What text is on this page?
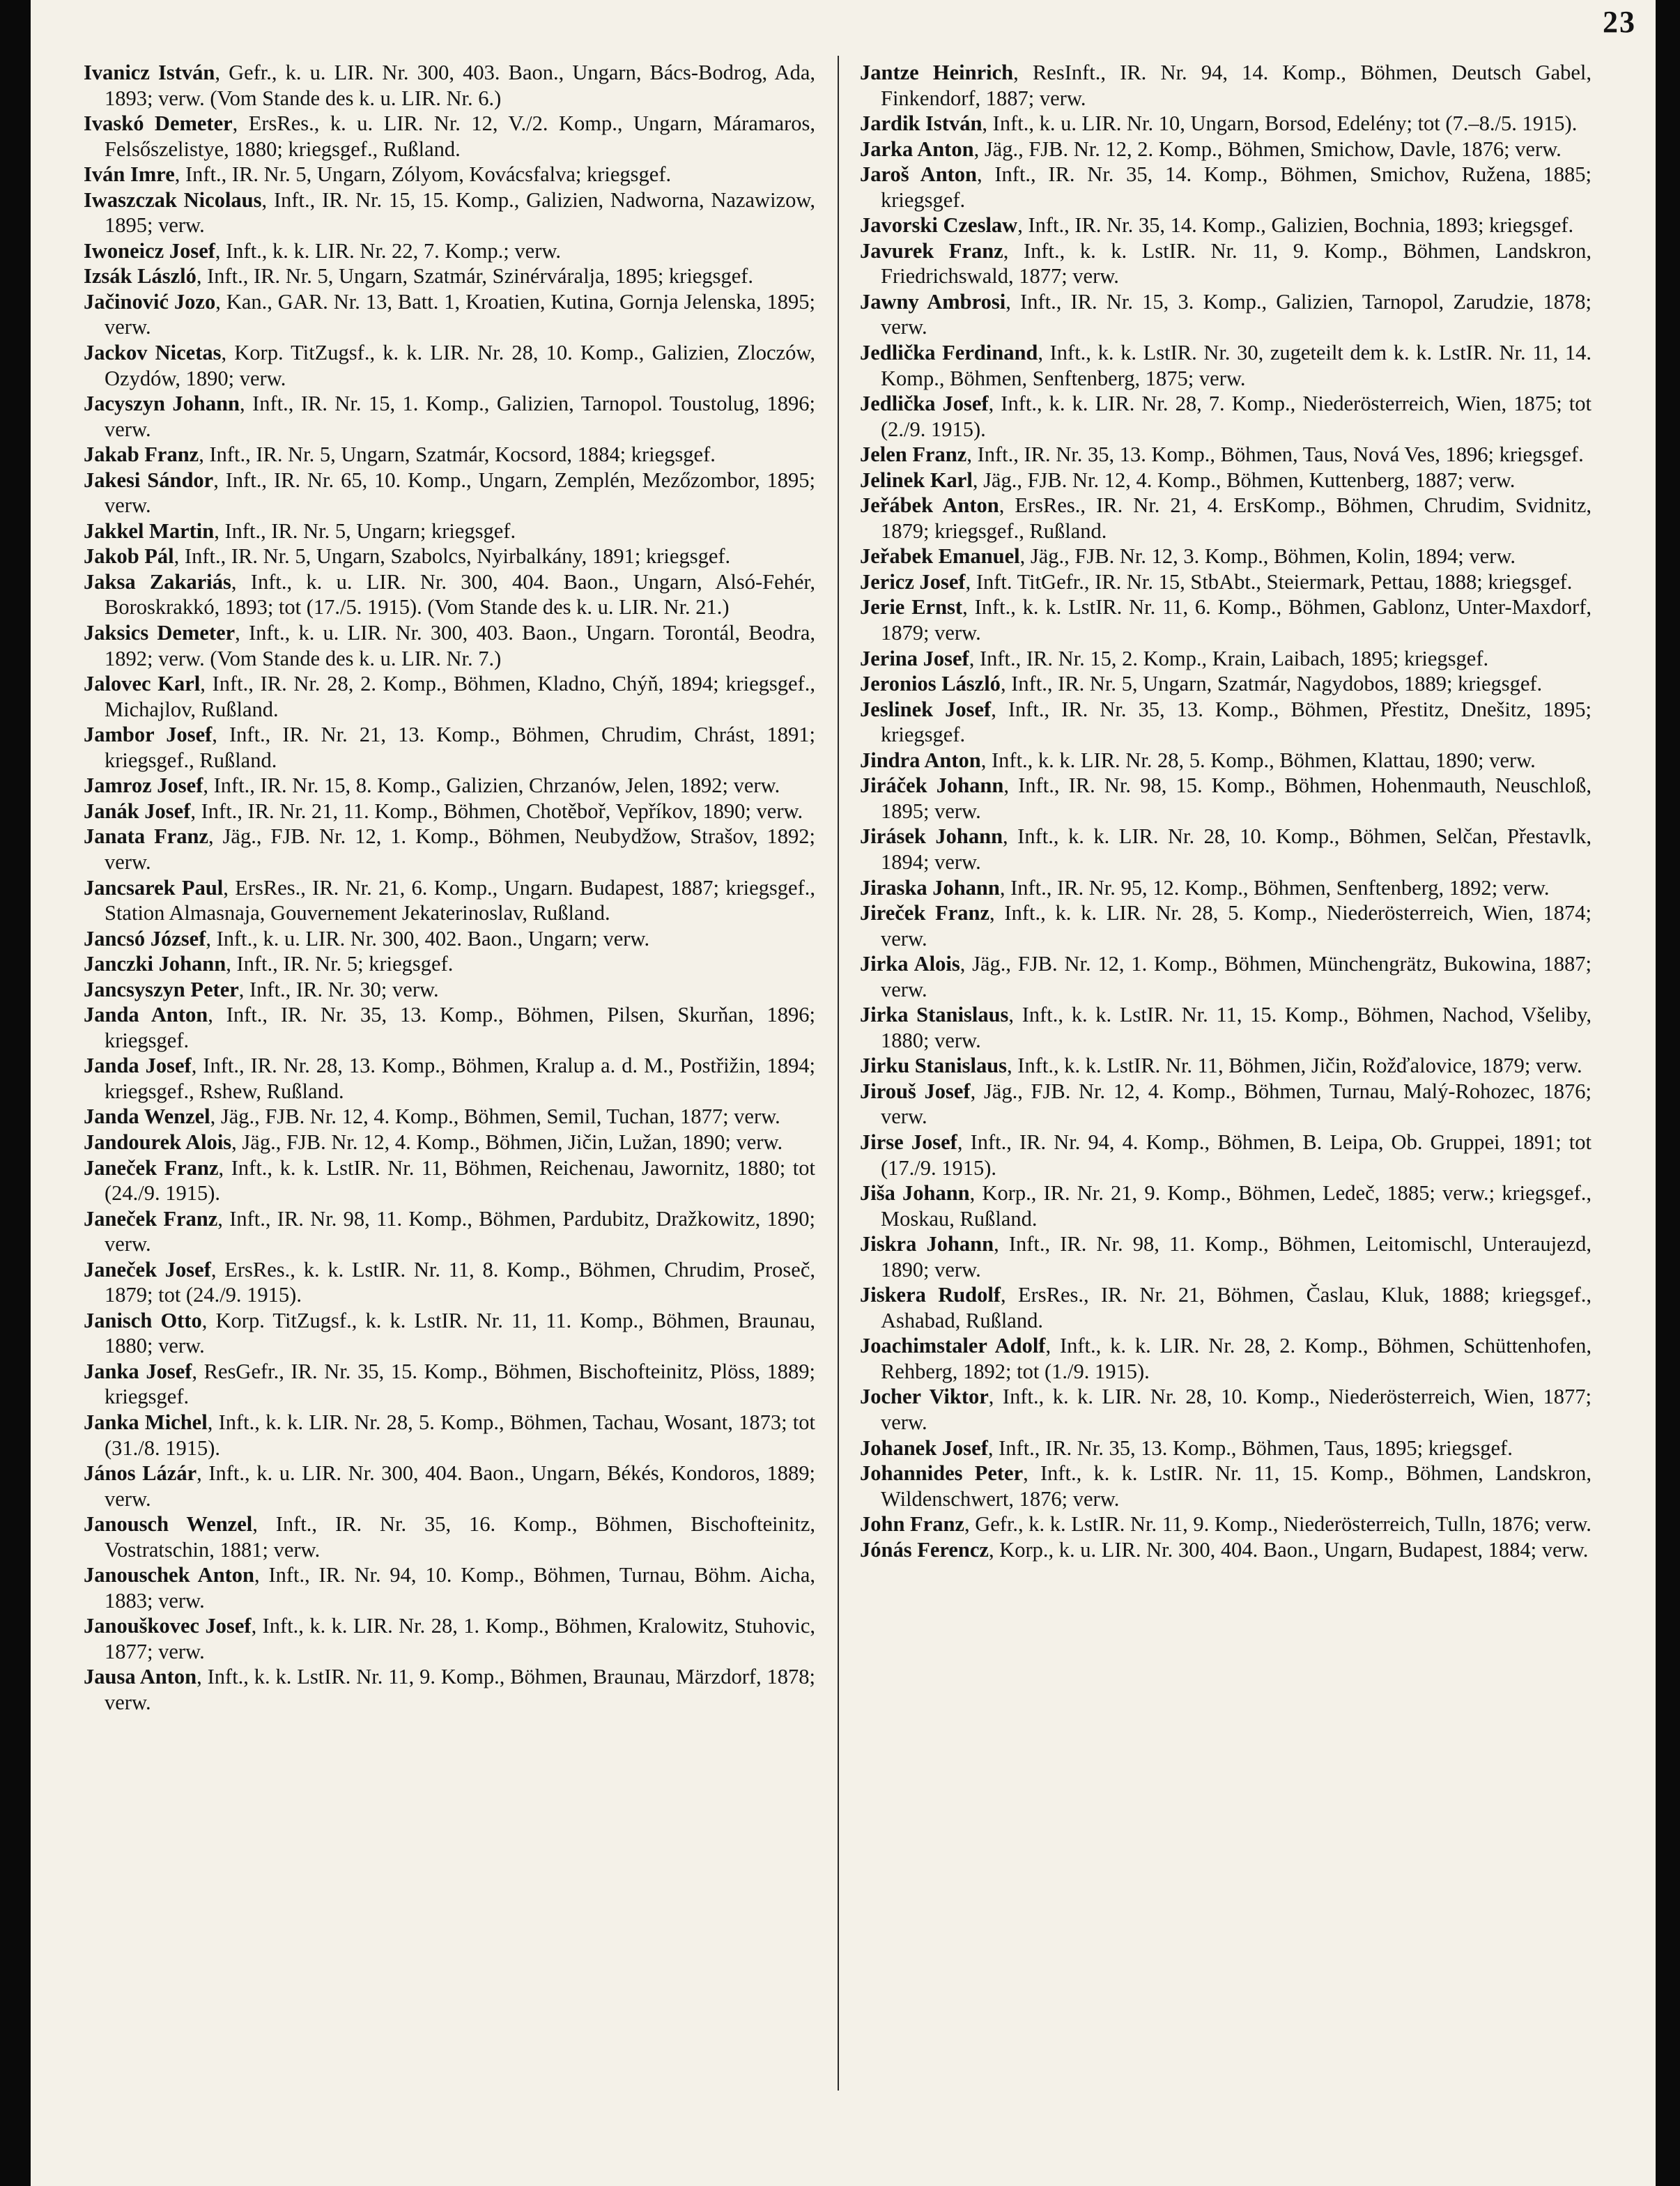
23
Ivanicz István, Gefr., k. u. LIR. Nr. 300, 403. Baon., Ungarn, Bács-Bodrog, Ada, 1893; verw. (Vom Stande des k. u. LIR. Nr. 6.)
Ivaskó Demeter, ErsRes., k. u. LIR. Nr. 12, V./2. Komp., Ungarn, Máramaros, Felsőszelistye, 1880; kriegsgef., Rußland.
Iván Imre, Inft., IR. Nr. 5, Ungarn, Zólyom, Kovácsfalva; kriegsgef.
Iwaszczak Nicolaus, Inft., IR. Nr. 15, 15. Komp., Galizien, Nadworna, Nazawizow, 1895; verw.
Iwoneicz Josef, Inft., k. k. LIR. Nr. 22, 7. Komp.; verw.
Izsák László, Inft., IR. Nr. 5, Ungarn, Szatmár, Szinérváralja, 1895; kriegsgef.
Jačinović Jozo, Kan., GAR. Nr. 13, Batt. 1, Kroatien, Kutina, Gornja Jelenska, 1895; verw.
Jackov Nicetas, Korp. TitZugsf., k. k. LIR. Nr. 28, 10. Komp., Galizien, Zloczów, Ozydów, 1890; verw.
Jacyszyn Johann, Inft., IR. Nr. 15, 1. Komp., Galizien, Tarnopol. Toustolug, 1896; verw.
Jakab Franz, Inft., IR. Nr. 5, Ungarn, Szatmár, Kocsord, 1884; kriegsgef.
Jakesi Sándor, Inft., IR. Nr. 65, 10. Komp., Ungarn, Zemplén, Mezőzombor, 1895; verw.
Jakkel Martin, Inft., IR. Nr. 5, Ungarn; kriegsgef.
Jakob Pál, Inft., IR. Nr. 5, Ungarn, Szabolcs, Nyirbalkány, 1891; kriegsgef.
Jaksa Zakariás, Inft., k. u. LIR. Nr. 300, 404. Baon., Ungarn, Alsó-Fehér, Boroskrakkó, 1893; tot (17./5. 1915). (Vom Stande des k. u. LIR. Nr. 21.)
Jaksics Demeter, Inft., k. u. LIR. Nr. 300, 403. Baon., Ungarn. Torontál, Beodra, 1892; verw. (Vom Stande des k. u. LIR. Nr. 7.)
Jalovec Karl, Inft., IR. Nr. 28, 2. Komp., Böhmen, Kladno, Chýň, 1894; kriegsgef., Michajlov, Rußland.
Jambor Josef, Inft., IR. Nr. 21, 13. Komp., Böhmen, Chrudim, Chrást, 1891; kriegsgef., Rußland.
Jamroz Josef, Inft., IR. Nr. 15, 8. Komp., Galizien, Chrzanów, Jelen, 1892; verw.
Janák Josef, Inft., IR. Nr. 21, 11. Komp., Böhmen, Chotěboř, Vepříkov, 1890; verw.
Janata Franz, Jäg., FJB. Nr. 12, 1. Komp., Böhmen, Neubydžow, Strašov, 1892; verw.
Jancsarek Paul, ErsRes., IR. Nr. 21, 6. Komp., Ungarn. Budapest, 1887; kriegsgef., Station Almasnaja, Gouvernement Jekaterinoslav, Rußland.
Jancsó József, Inft., k. u. LIR. Nr. 300, 402. Baon., Ungarn; verw.
Janczki Johann, Inft., IR. Nr. 5; kriegsgef.
Jancsyszyn Peter, Inft., IR. Nr. 30; verw.
Janda Anton, Inft., IR. Nr. 35, 13. Komp., Böhmen, Pilsen, Skurňan, 1896; kriegsgef.
Janda Josef, Inft., IR. Nr. 28, 13. Komp., Böhmen, Kralup a. d. M., Postřižin, 1894; kriegsgef., Rshew, Rußland.
Janda Wenzel, Jäg., FJB. Nr. 12, 4. Komp., Böhmen, Semil, Tuchan, 1877; verw.
Jandourek Alois, Jäg., FJB. Nr. 12, 4. Komp., Böhmen, Jičin, Lužan, 1890; verw.
Janeček Franz, Inft., k. k. LstIR. Nr. 11, Böhmen, Reichenau, Jawornitz, 1880; tot (24./9. 1915).
Janeček Franz, Inft., IR. Nr. 98, 11. Komp., Böhmen, Pardubitz, Dražkowitz, 1890; verw.
Janeček Josef, ErsRes., k. k. LstIR. Nr. 11, 8. Komp., Böhmen, Chrudim, Proseč, 1879; tot (24./9. 1915).
Janisch Otto, Korp. TitZugsf., k. k. LstIR. Nr. 11, 11. Komp., Böhmen, Braunau, 1880; verw.
Janka Josef, ResGefr., IR. Nr. 35, 15. Komp., Böhmen, Bischofteinitz, Plöss, 1889; kriegsgef.
Janka Michel, Inft., k. k. LIR. Nr. 28, 5. Komp., Böhmen, Tachau, Wosant, 1873; tot (31./8. 1915).
János Lázár, Inft., k. u. LIR. Nr. 300, 404. Baon., Ungarn, Békés, Kondoros, 1889; verw.
Janousch Wenzel, Inft., IR. Nr. 35, 16. Komp., Böhmen, Bischofteinitz, Vostratschin, 1881; verw.
Janouschek Anton, Inft., IR. Nr. 94, 10. Komp., Böhmen, Turnau, Böhm. Aicha, 1883; verw.
Janouškovec Josef, Inft., k. k. LIR. Nr. 28, 1. Komp., Böhmen, Kralowitz, Stuhovic, 1877; verw.
Jausa Anton, Inft., k. k. LstIR. Nr. 11, 9. Komp., Böhmen, Braunau, Märzdorf, 1878; verw.
Jantze Heinrich, ResInft., IR. Nr. 94, 14. Komp., Böhmen, Deutsch Gabel, Finkendorf, 1887; verw.
Jardik István, Inft., k. u. LIR. Nr. 10, Ungarn, Borsod, Edelény; tot (7.–8./5. 1915).
Jarka Anton, Jäg., FJB. Nr. 12, 2. Komp., Böhmen, Smichow, Davle, 1876; verw.
Jaroš Anton, Inft., IR. Nr. 35, 14. Komp., Böhmen, Smichov, Ruženа, 1885; kriegsgef.
Javorski Czeslaw, Inft., IR. Nr. 35, 14. Komp., Galizien, Bochnia, 1893; kriegsgef.
Javurek Franz, Inft., k. k. LstIR. Nr. 11, 9. Komp., Böhmen, Landskron, Friedrichswald, 1877; verw.
Jawny Ambrosi, Inft., IR. Nr. 15, 3. Komp., Galizien, Tarnopol, Zarudzie, 1878; verw.
Jedlička Ferdinand, Inft., k. k. LstIR. Nr. 30, zugeteilt dem k. k. LstIR. Nr. 11, 14. Komp., Böhmen, Senftenberg, 1875; verw.
Jedlička Josef, Inft., k. k. LIR. Nr. 28, 7. Komp., Niederösterreich, Wien, 1875; tot (2./9. 1915).
Jelen Franz, Inft., IR. Nr. 35, 13. Komp., Böhmen, Taus, Nová Ves, 1896; kriegsgef.
Jelinek Karl, Jäg., FJB. Nr. 12, 4. Komp., Böhmen, Kuttenberg, 1887; verw.
Jeřábek Anton, ErsRes., IR. Nr. 21, 4. ErsKomp., Böhmen, Chrudim, Svidnitz, 1879; kriegsgef., Rußland.
Jeřabek Emanuel, Jäg., FJB. Nr. 12, 3. Komp., Böhmen, Kolin, 1894; verw.
Jericz Josef, Inft. TitGefr., IR. Nr. 15, StbAbt., Steiermark, Pettau, 1888; kriegsgef.
Jerie Ernst, Inft., k. k. LstIR. Nr. 11, 6. Komp., Böhmen, Gablonz, Unter-Maxdorf, 1879; verw.
Jerina Josef, Inft., IR. Nr. 15, 2. Komp., Krain, Laibach, 1895; kriegsgef.
Jeronios László, Inft., IR. Nr. 5, Ungarn, Szatmár, Nagydobos, 1889; kriegsgef.
Jeslinek Josef, Inft., IR. Nr. 35, 13. Komp., Böhmen, Přestitz, Dnešitz, 1895; kriegsgef.
Jindra Anton, Inft., k. k. LIR. Nr. 28, 5. Komp., Böhmen, Klattau, 1890; verw.
Jiráček Johann, Inft., IR. Nr. 98, 15. Komp., Böhmen, Hohenmauth, Neuschloß, 1895; verw.
Jirásek Johann, Inft., k. k. LIR. Nr. 28, 10. Komp., Böhmen, Selčan, Přestavlk, 1894; verw.
Jiraska Johann, Inft., IR. Nr. 95, 12. Komp., Böhmen, Senftenberg, 1892; verw.
Jireček Franz, Inft., k. k. LIR. Nr. 28, 5. Komp., Niederösterreich, Wien, 1874; verw.
Jirka Alois, Jäg., FJB. Nr. 12, 1. Komp., Böhmen, Münchengrätz, Bukowina, 1887; verw.
Jirka Stanislaus, Inft., k. k. LstIR. Nr. 11, 15. Komp., Böhmen, Nachod, Všeliby, 1880; verw.
Jirku Stanislaus, Inft., k. k. LstIR. Nr. 11, Böhmen, Jičin, Rožďalovice, 1879; verw.
Jirouš Josef, Jäg., FJB. Nr. 12, 4. Komp., Böhmen, Turnau, Malý-Rohozec, 1876; verw.
Jirse Josef, Inft., IR. Nr. 94, 4. Komp., Böhmen, B. Leipa, Ob. Gruppei, 1891; tot (17./9. 1915).
Jiša Johann, Korp., IR. Nr. 21, 9. Komp., Böhmen, Ledeč, 1885; verw.; kriegsgef., Moskau, Rußland.
Jiskra Johann, Inft., IR. Nr. 98, 11. Komp., Böhmen, Leitomischl, Unteraujezd, 1890; verw.
Jiskera Rudolf, ErsRes., IR. Nr. 21, Böhmen, Časlau, Kluk, 1888; kriegsgef., Ashabad, Rußland.
Joachimstaler Adolf, Inft., k. k. LIR. Nr. 28, 2. Komp., Böhmen, Schüttenhofen, Rehberg, 1892; tot (1./9. 1915).
Jocher Viktor, Inft., k. k. LIR. Nr. 28, 10. Komp., Niederösterreich, Wien, 1877; verw.
Johanek Josef, Inft., IR. Nr. 35, 13. Komp., Böhmen, Taus, 1895; kriegsgef.
Johannides Peter, Inft., k. k. LstIR. Nr. 11, 15. Komp., Böhmen, Landskron, Wildenschwert, 1876; verw.
John Franz, Gefr., k. k. LstIR. Nr. 11, 9. Komp., Niederösterreich, Tulln, 1876; verw.
Jónás Ferencz, Korp., k. u. LIR. Nr. 300, 404. Baon., Ungarn, Budapest, 1884; verw.
